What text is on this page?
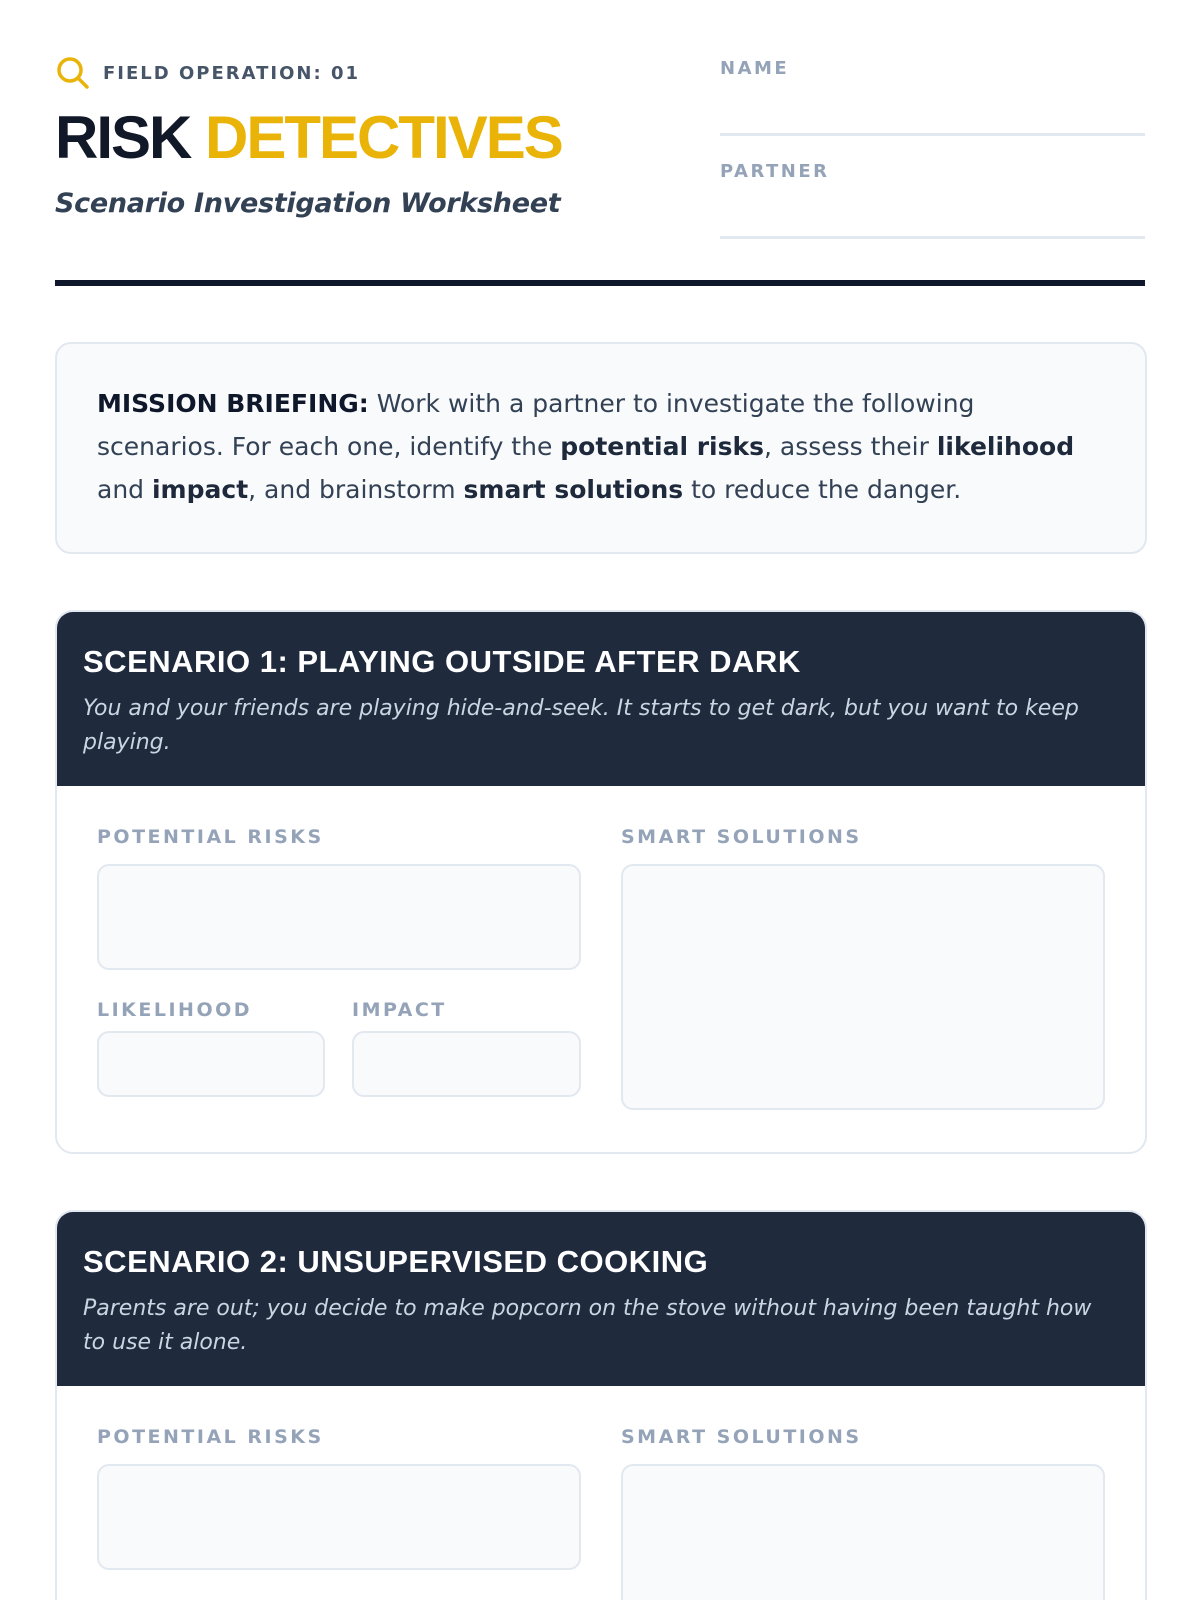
FIELD OPERATION: 01
RISK DETECTIVES
Scenario Investigation Worksheet
NAME
PARTNER
MISSION BRIEFING: Work with a partner to investigate the following scenarios. For each one, identify the potential risks, assess their likelihood and impact, and brainstorm smart solutions to reduce the danger.
SCENARIO 1: PLAYING OUTSIDE AFTER DARK
You and your friends are playing hide-and-seek. It starts to get dark, but you want to keep playing.
POTENTIAL RISKS
LIKELIHOOD	IMPACT
SMART SOLUTIONS
SCENARIO 2: UNSUPERVISED COOKING
Parents are out; you decide to make popcorn on the stove without having been taught how to use it alone.
POTENTIAL RISKS	SMART SOLUTIONS
